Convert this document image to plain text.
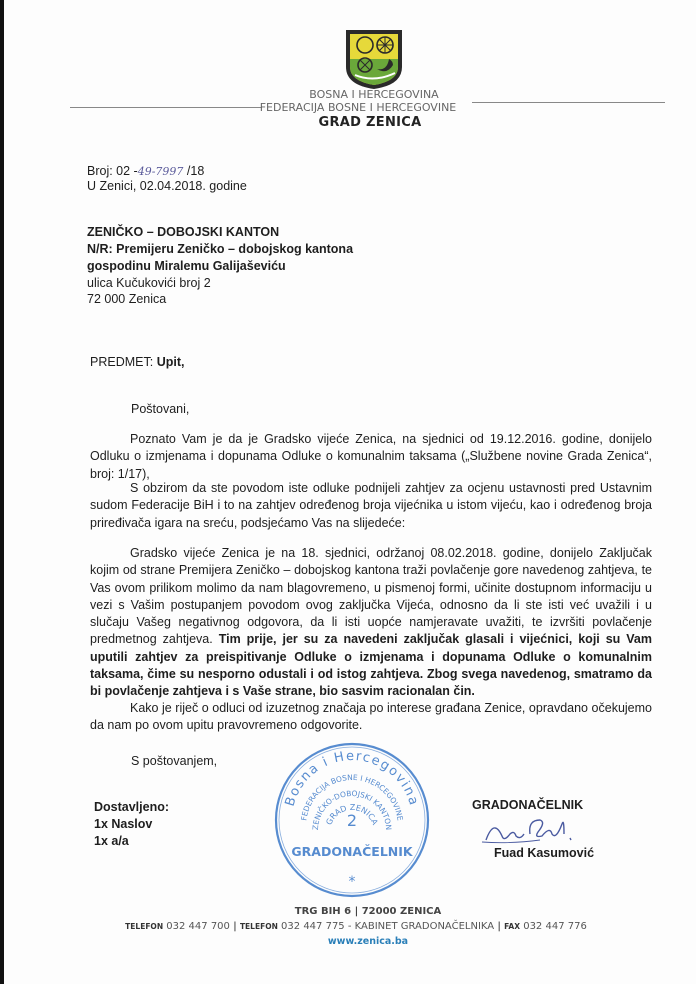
BOSNA I HERCEGOVINA
FEDERACIJA BOSNE I HERCEGOVINE
GRAD ZENICA
Broj: 02 -49-7997 /18
U Zenici, 02.04.2018. godine
ZENIČKO – DOBOJSKI KANTON
N/R: Premijeru Zeničko – dobojskog kantona
gospodinu Miralemu Galijaševiću
ulica Kučukovići broj 2
72 000 Zenica
PREDMET: Upit,
Poštovani,
Poznato Vam je da je Gradsko vijeće Zenica, na sjednici od 19.12.2016. godine, donijelo Odluku o izmjenama i dopunama Odluke o komunalnim taksama („Službene novine Grada Zenica“, broj: 1/17),
S obzirom da ste povodom iste odluke podnijeli zahtjev za ocjenu ustavnosti pred Ustavnim sudom Federacije BiH i to na zahtjev određenog broja vijećnika u istom vijeću, kao i određenog broja priređivača igara na sreću, podsjećamo Vas na slijedeće:
Gradsko vijeće Zenica je na 18. sjednici, održanoj 08.02.2018. godine, donijelo Zaključak kojim od strane Premijera Zeničko – dobojskog kantona traži povlačenje gore navedenog zahtjeva, te Vas ovom prilikom molimo da nam blagovremeno, u pismenoj formi, učinite dostupnom informaciju u vezi s Vašim postupanjem povodom ovog zaključka Vijeća, odnosno da li ste isti već uvažili i u slučaju Vašeg negativnog odgovora, da li isti uopće namjeravate uvažiti, te izvršiti povlačenje predmetnog zahtjeva. Tim prije, jer su za navedeni zaključak glasali i vijećnici, koji su Vam uputili zahtjev za preispitivanje Odluke o izmjenama i dopunama Odluke o komunalnim taksama, čime su nesporno odustali i od istog zahtjeva. Zbog svega navedenog, smatramo da bi povlačenje zahtjeva i s Vaše strane, bio sasvim racionalan čin.
Kako je riječ o odluci od izuzetnog značaja po interese građana Zenice, opravdano očekujemo da nam po ovom upitu pravovremeno odgovorite.
S poštovanjem,
Bosna i Hercegovina
FEDERACIJA BOSNE I HERCEGOVINE
ZENIČKO-DOBOJSKI KANTON
GRAD ZENICA
2
GRADONAČELNIK
*
Dostavljeno:
1x Naslov
1x a/a
GRADONAČELNIK
Fuad Kasumović
TRG BIH 6 | 72000 ZENICA
TELEFON 032 447 700 | TELEFON 032 447 775 - KABINET GRADONAČELNIKA | FAX 032 447 776
www.zenica.ba
